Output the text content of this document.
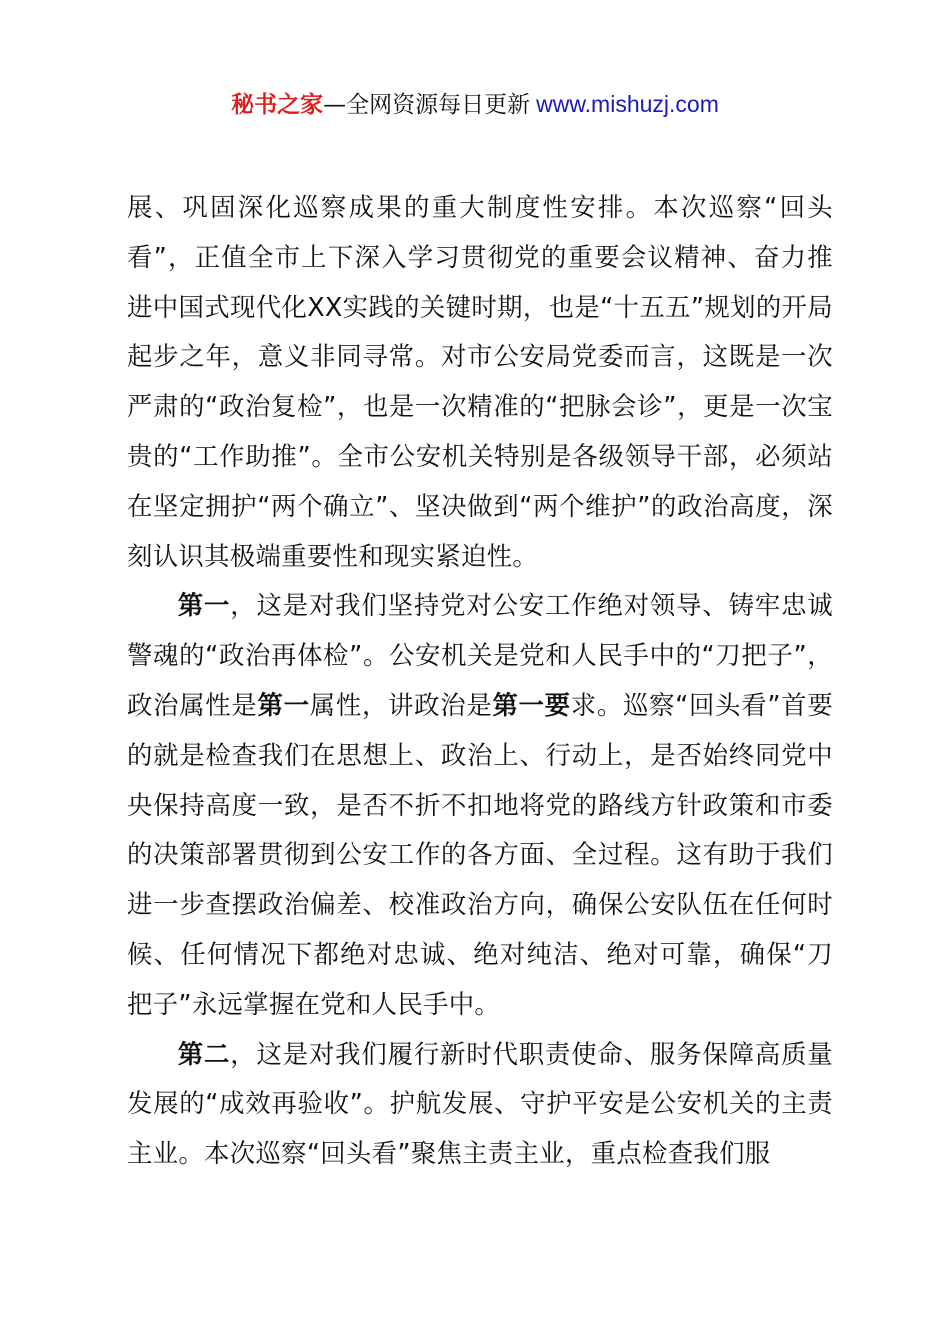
秘书之家—全网资源每日更新 www.mishuzj.com

展、巩固深化巡察成果的重大制度性安排。本次巡察“回头看”，正值全市上下深入学习贯彻党的重要会议精神、奋力推进中国式现代化XX实践的关键时期，也是“十五五”规划的开局起步之年，意义非同寻常。对市公安局党委而言，这既是一次严肃的“政治复检”，也是一次精准的“把脉会诊”，更是一次宝贵的“工作助推”。全市公安机关特别是各级领导干部，必须站在坚定拥护“两个确立”、坚决做到“两个维护”的政治高度，深刻认识其极端重要性和现实紧迫性。

第一，这是对我们坚持党对公安工作绝对领导、铸牢忠诚警魂的“政治再体检”。公安机关是党和人民手中的“刀把子”，政治属性是第一属性，讲政治是第一要求。巡察“回头看”首要的就是检查我们在思想上、政治上、行动上，是否始终同党中央保持高度一致，是否不折不扣地将党的路线方针政策和市委的决策部署贯彻到公安工作的各方面、全过程。这有助于我们进一步查摆政治偏差、校准政治方向，确保公安队伍在任何时候、任何情况下都绝对忠诚、绝对纯洁、绝对可靠，确保“刀把子”永远掌握在党和人民手中。

第二，这是对我们履行新时代职责使命、服务保障高质量发展的“成效再验收”。护航发展、守护平安是公安机关的主责主业。本次巡察“回头看”聚焦主责主业，重点检查我们服
